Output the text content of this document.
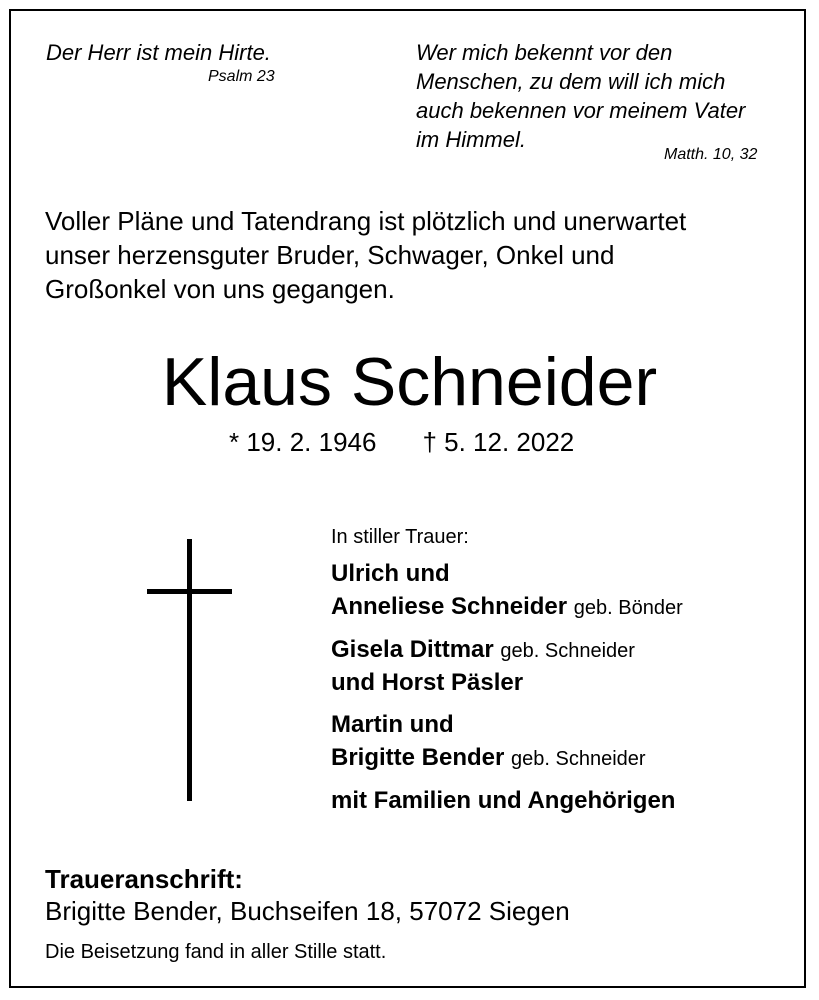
Der Herr ist mein Hirte.
Psalm 23
Wer mich bekennt vor den
Menschen, zu dem will ich mich
auch bekennen vor meinem Vater
im Himmel.
Matth. 10, 32
Voller Pläne und Tatendrang ist plötzlich und unerwartet
unser herzensguter Bruder, Schwager, Onkel und
Großonkel von uns gegangen.
Klaus Schneider
* 19. 2. 1946 † 5. 12. 2022
In stiller Trauer:
Ulrich und
Anneliese Schneider geb. Bönder
Gisela Dittmar geb. Schneider
und Horst Päsler
Martin und
Brigitte Bender geb. Schneider
mit Familien und Angehörigen
Traueranschrift:
Brigitte Bender, Buchseifen 18, 57072 Siegen
Die Beisetzung fand in aller Stille statt.
